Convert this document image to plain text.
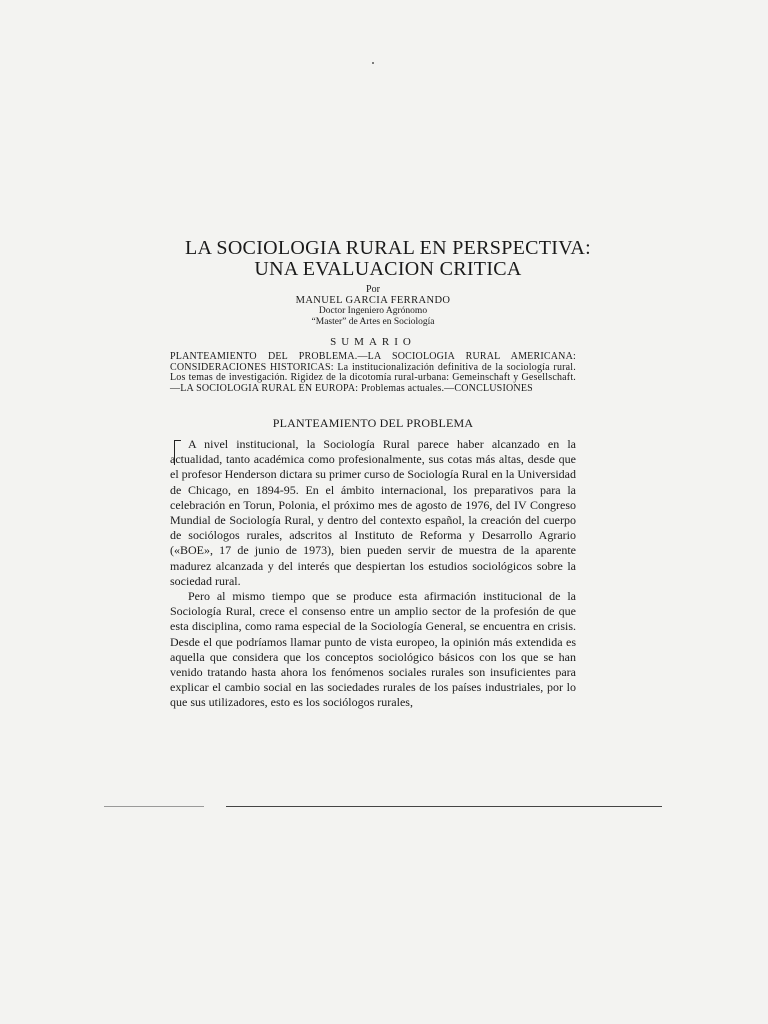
LA SOCIOLOGIA RURAL EN PERSPECTIVA:
UNA EVALUACION CRITICA
Por
MANUEL GARCIA FERRANDO
Doctor Ingeniero Agrónomo
“Master” de Artes en Sociología
SUMARIO
PLANTEAMIENTO DEL PROBLEMA.—LA SOCIOLOGIA RURAL AMERICANA: CONSIDERACIONES HISTORICAS: La institucionalización definitiva de la sociología rural. Los temas de investigación. Rigidez de la dicotomía rural-urbana: Gemeinschaft y Gesellschaft.—LA SOCIOLOGIA RURAL EN EUROPA: Problemas actuales.—CONCLUSIONES
PLANTEAMIENTO DEL PROBLEMA

A nivel institucional, la Sociología Rural parece haber alcanzado en la actualidad, tanto académica como profesionalmente, sus cotas más altas, desde que el profesor Henderson dictara su primer curso de Sociología Rural en la Universidad de Chicago, en 1894-95. En el ámbito internacional, los preparativos para la celebración en Torun, Polonia, el próximo mes de agosto de 1976, del IV Congreso Mundial de Sociología Rural, y dentro del contexto español, la creación del cuerpo de sociólogos rurales, adscritos al Instituto de Reforma y Desarrollo Agrario («BOE», 17 de junio de 1973), bien pueden servir de muestra de la aparente madurez alcanzada y del interés que despiertan los estudios sociológicos sobre la sociedad rural.

Pero al mismo tiempo que se produce esta afirmación institucional de la Sociología Rural, crece el consenso entre un amplio sector de la profesión de que esta disciplina, como rama especial de la Sociología General, se encuentra en crisis. Desde el que podríamos llamar punto de vista europeo, la opinión más extendida es aquella que considera que los conceptos sociológico básicos con los que se han venido tratando hasta ahora los fenómenos sociales rurales son insuficientes para explicar el cambio social en las sociedades rurales de los países industriales, por lo que sus utilizadores, esto es los sociólogos rurales,
